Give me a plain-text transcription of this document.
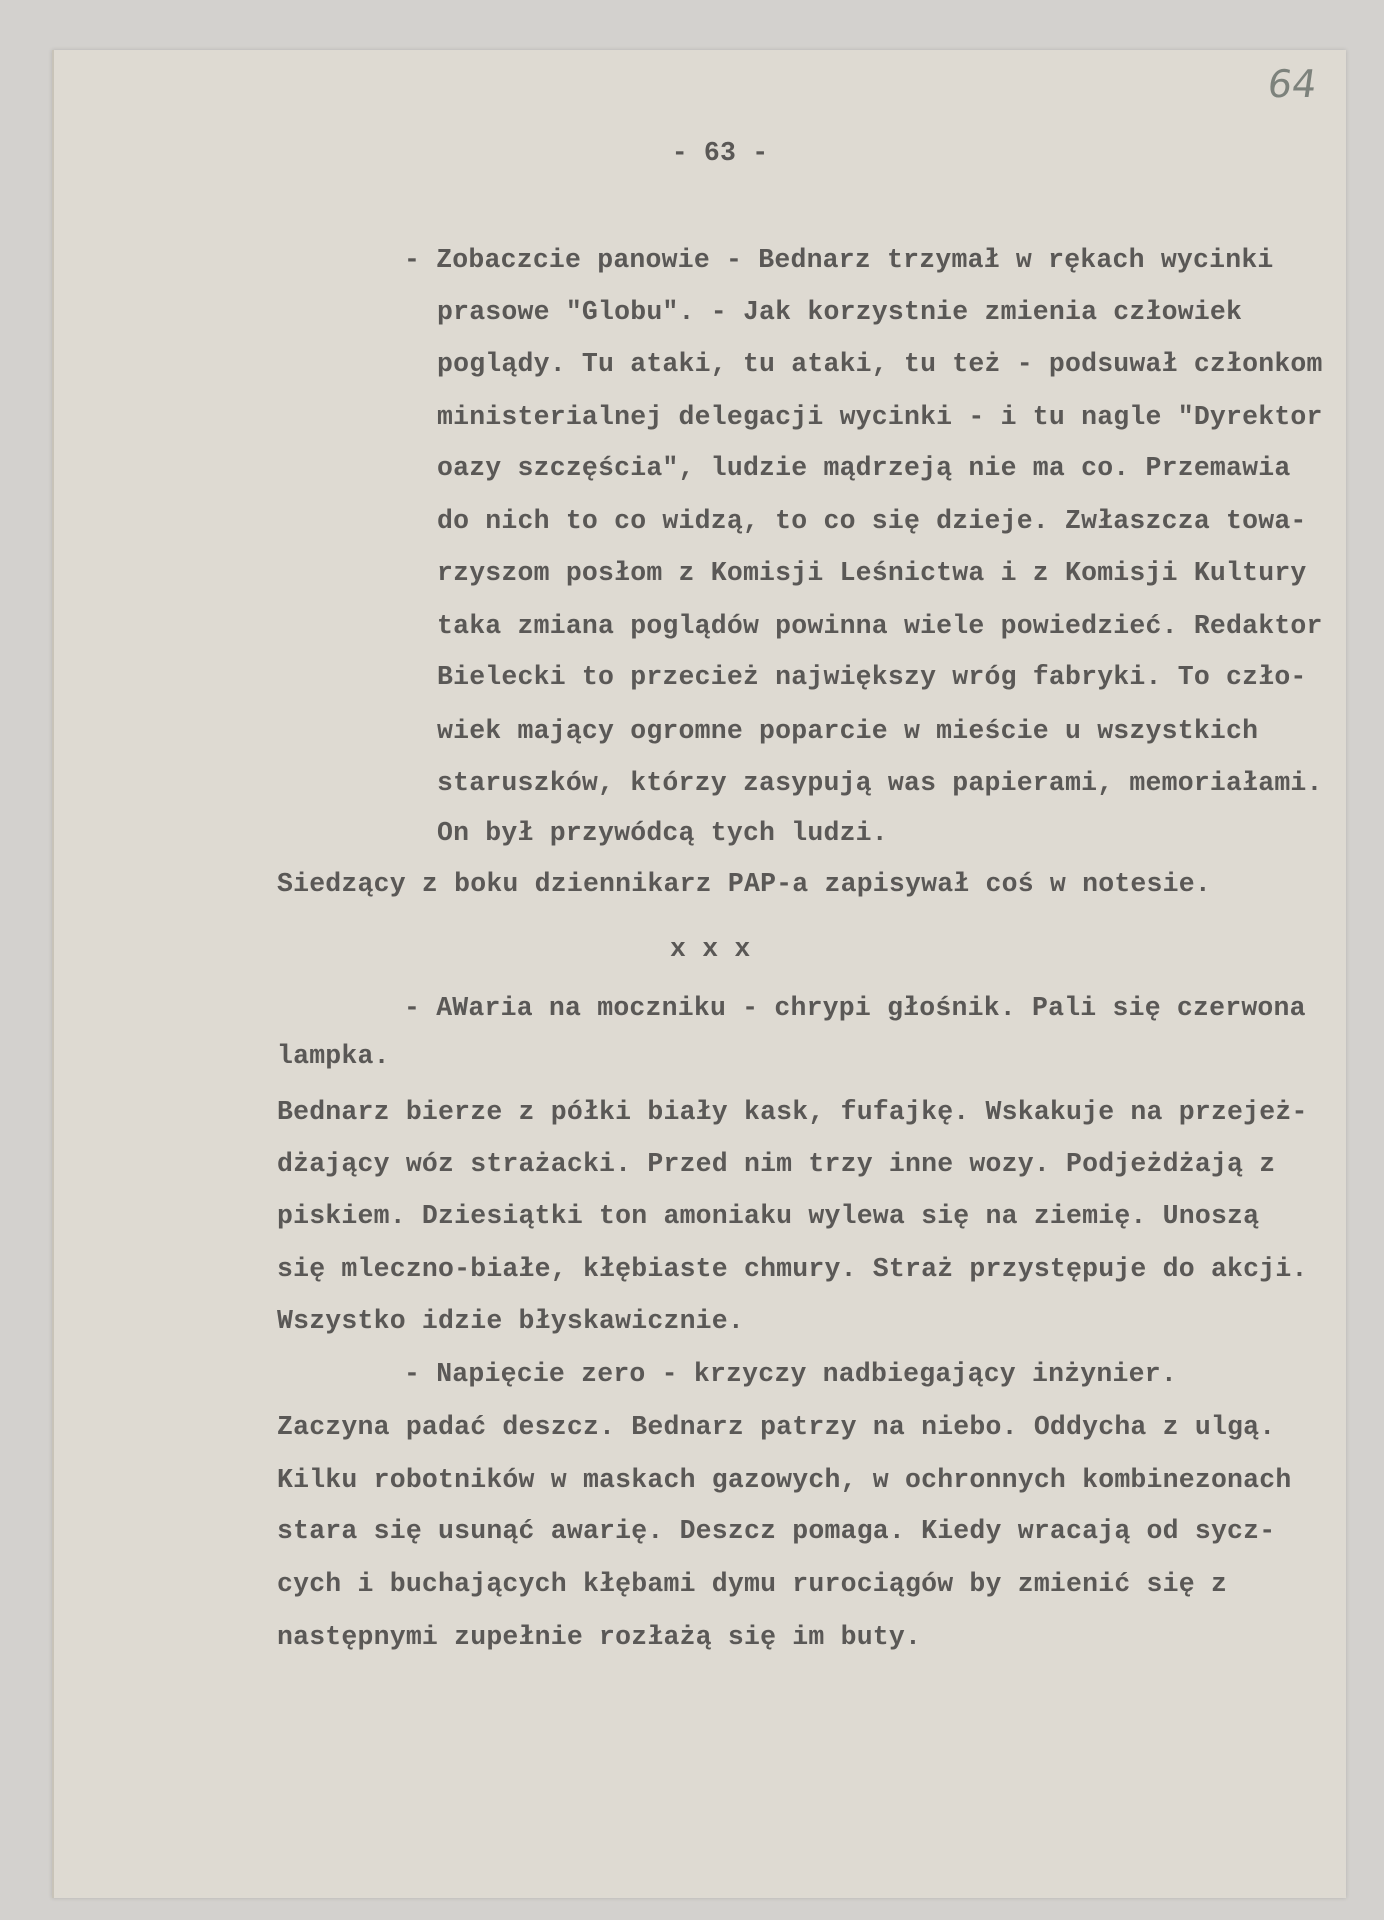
64
- 63 -
- Zobaczcie panowie - Bednarz trzymał w rękach wycinki
prasowe "Globu". - Jak korzystnie zmienia człowiek
poglądy. Tu ataki, tu ataki, tu też - podsuwał członkom
ministerialnej delegacji wycinki - i tu nagle "Dyrektor
oazy szczęścia", ludzie mądrzeją nie ma co. Przemawia
do nich to co widzą, to co się dzieje. Zwłaszcza towa-
rzyszom posłom z Komisji Leśnictwa i z Komisji Kultury
taka zmiana poglądów powinna wiele powiedzieć. Redaktor
Bielecki to przecież największy wróg fabryki. To czło-
wiek mający ogromne poparcie w mieście u wszystkich
staruszków, którzy zasypują was papierami, memoriałami.
On był przywódcą tych ludzi.
Siedzący z boku dziennikarz PAP-a zapisywał coś w notesie.
x x x
- AWaria na moczniku - chrypi głośnik. Pali się czerwona
lampka.
Bednarz bierze z półki biały kask, fufajkę. Wskakuje na przejeż-
dżający wóz strażacki. Przed nim trzy inne wozy. Podjeżdżają z
piskiem. Dziesiątki ton amoniaku wylewa się na ziemię. Unoszą
się mleczno-białe, kłębiaste chmury. Straż przystępuje do akcji.
Wszystko idzie błyskawicznie.
- Napięcie zero - krzyczy nadbiegający inżynier.
Zaczyna padać deszcz. Bednarz patrzy na niebo. Oddycha z ulgą.
Kilku robotników w maskach gazowych, w ochronnych kombinezonach
stara się usunąć awarię. Deszcz pomaga. Kiedy wracają od sycz-
cych i buchających kłębami dymu rurociągów by zmienić się z
następnymi zupełnie rozłażą się im buty.
